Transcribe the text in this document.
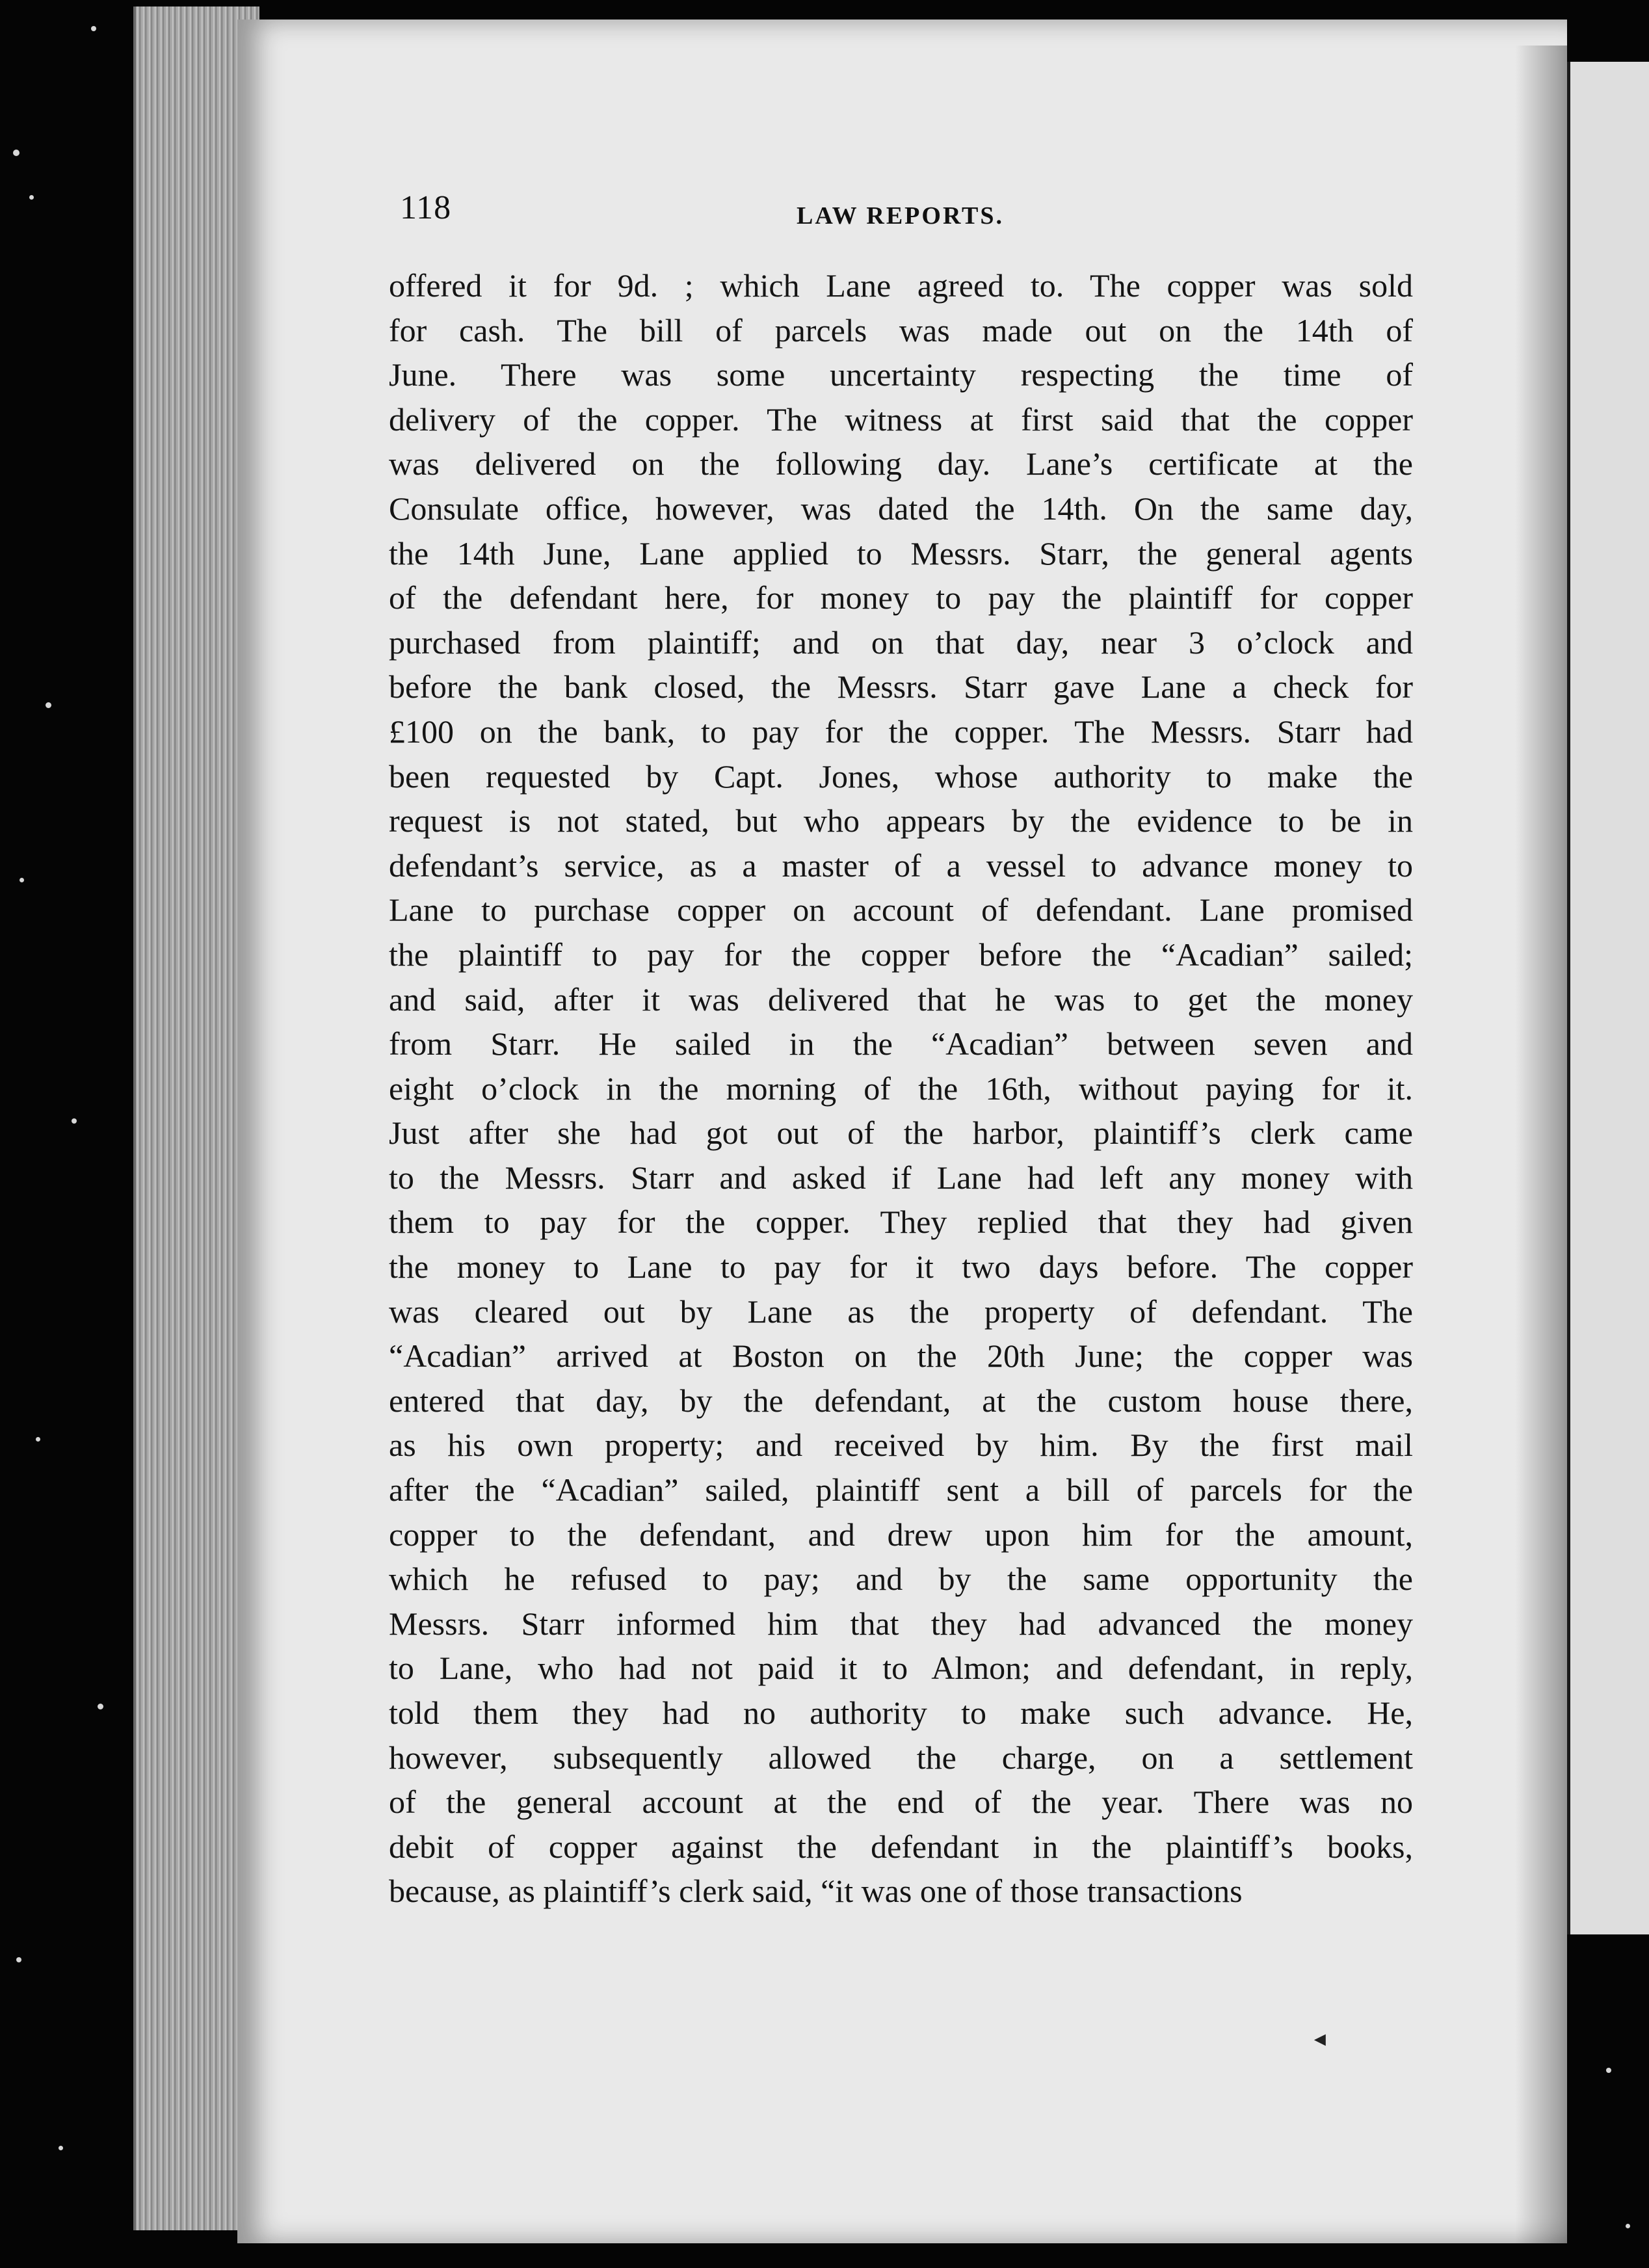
118	LAW REPORTS.
offered it for 9d. ; which Lane agreed to. The copper was sold
for cash. The bill of parcels was made out on the 14th of
June. There was some uncertainty respecting the time of
delivery of the copper. The witness at first said that the copper
was delivered on the following day. Lane’s certificate at the
Consulate office, however, was dated the 14th. On the same day,
the 14th June, Lane applied to Messrs. Starr, the general agents
of the defendant here, for money to pay the plaintiff for copper
purchased from plaintiff; and on that day, near 3 o’clock and
before the bank closed, the Messrs. Starr gave Lane a check for
£100 on the bank, to pay for the copper. The Messrs. Starr had
been requested by Capt. Jones, whose authority to make the
request is not stated, but who appears by the evidence to be in
defendant’s service, as a master of a vessel to advance money to
Lane to purchase copper on account of defendant. Lane promised
the plaintiff to pay for the copper before the “Acadian” sailed;
and said, after it was delivered that he was to get the money
from Starr. He sailed in the “Acadian” between seven and
eight o’clock in the morning of the 16th, without paying for it.
Just after she had got out of the harbor, plaintiff’s clerk came
to the Messrs. Starr and asked if Lane had left any money with
them to pay for the copper. They replied that they had given
the money to Lane to pay for it two days before. The copper
was cleared out by Lane as the property of defendant. The
“Acadian” arrived at Boston on the 20th June; the copper was
entered that day, by the defendant, at the custom house there,
as his own property; and received by him. By the first mail
after the “Acadian” sailed, plaintiff sent a bill of parcels for the
copper to the defendant, and drew upon him for the amount,
which he refused to pay; and by the same opportunity the
Messrs. Starr informed him that they had advanced the money
to Lane, who had not paid it to Almon; and defendant, in reply,
told them they had no authority to make such advance. He,
however, subsequently allowed the charge, on a settlement
of the general account at the end of the year. There was no
debit of copper against the defendant in the plaintiff’s books,
because, as plaintiff’s clerk said, “it was one of those transactions
◄
